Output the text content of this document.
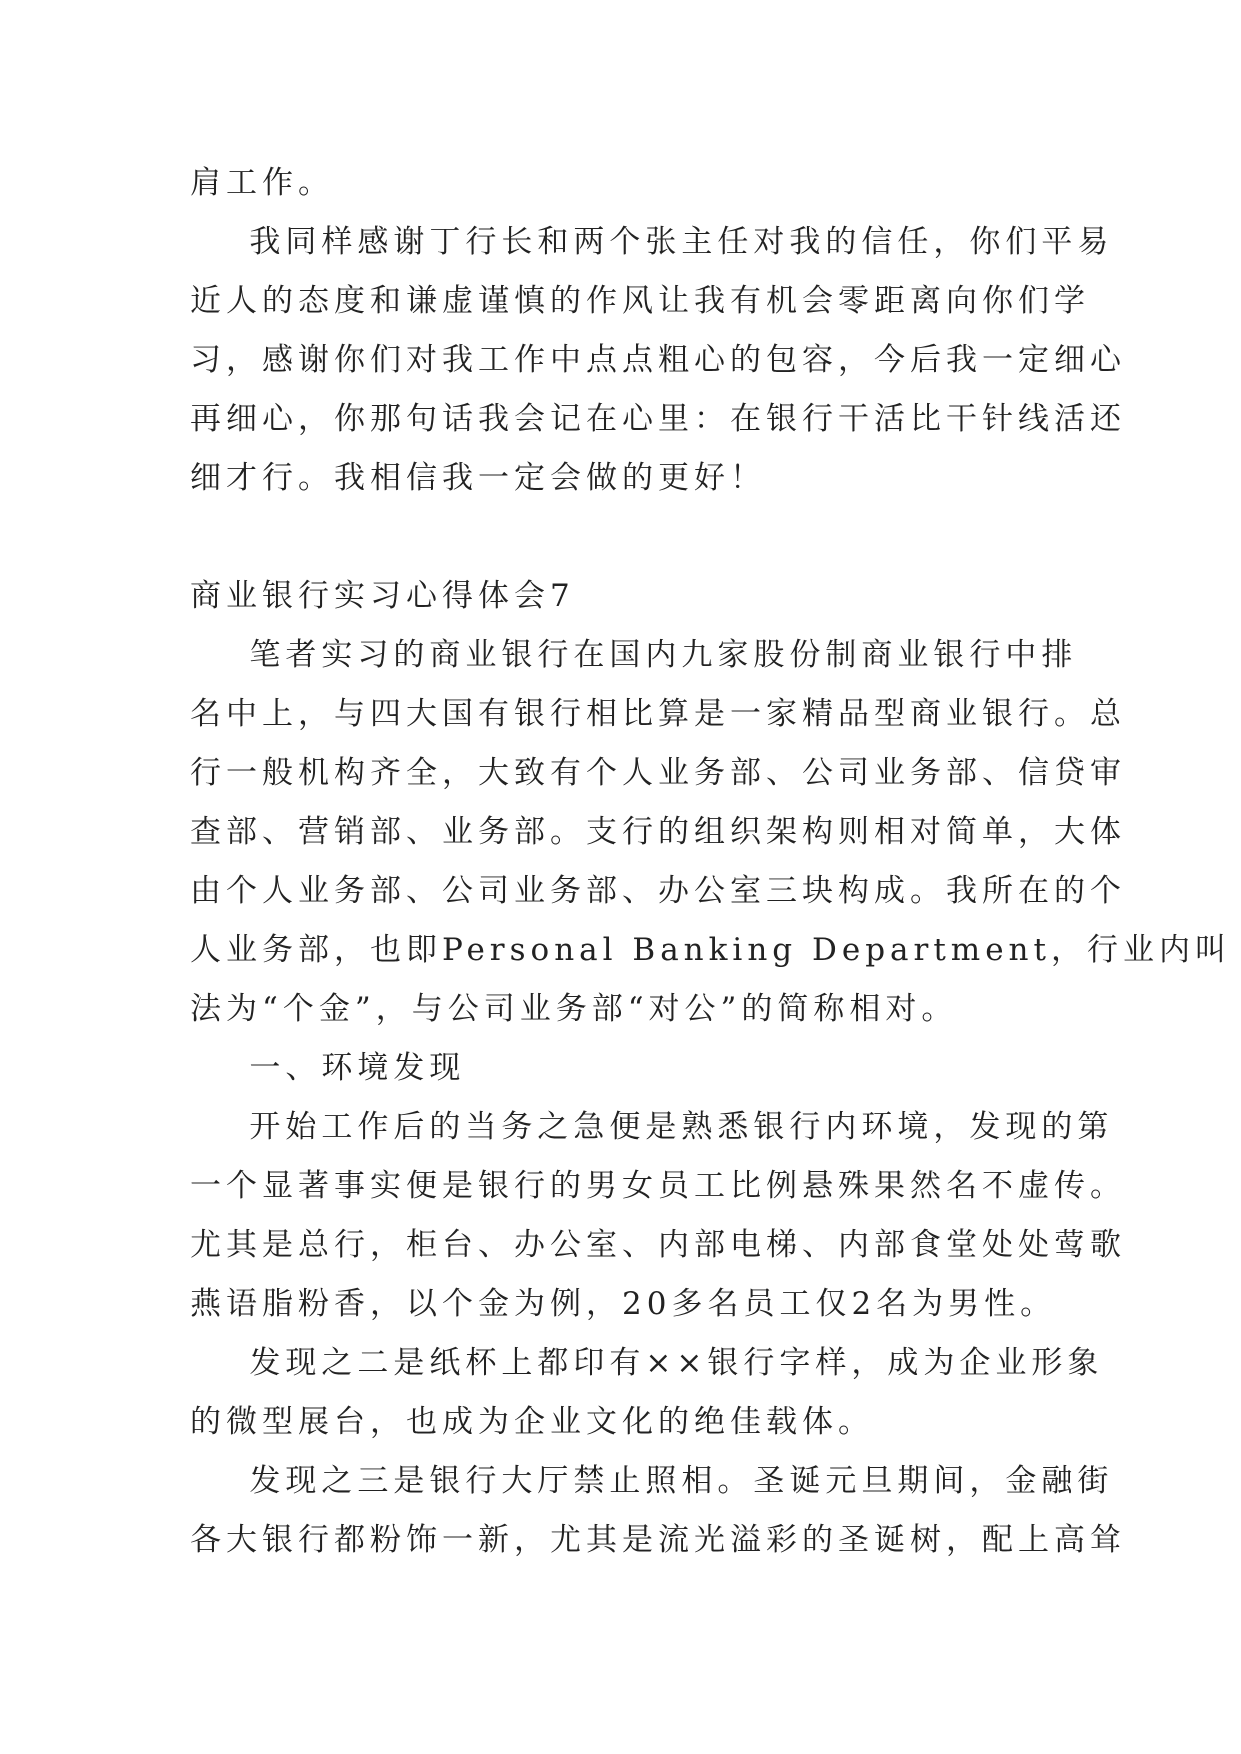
肩工作。
我同样感谢丁行长和两个张主任对我的信任，你们平易
近人的态度和谦虚谨慎的作风让我有机会零距离向你们学
习，感谢你们对我工作中点点粗心的包容，今后我一定细心
再细心，你那句话我会记在心里：在银行干活比干针线活还
细才行。我相信我一定会做的更好！
商业银行实习心得体会7
笔者实习的商业银行在国内九家股份制商业银行中排
名中上，与四大国有银行相比算是一家精品型商业银行。总
行一般机构齐全，大致有个人业务部、公司业务部、信贷审
查部、营销部、业务部。支行的组织架构则相对简单，大体
由个人业务部、公司业务部、办公室三块构成。我所在的个
人业务部，也即Personal Banking Department，行业内叫
法为“个金”，与公司业务部“对公”的简称相对。
一、环境发现
开始工作后的当务之急便是熟悉银行内环境，发现的第
一个显著事实便是银行的男女员工比例悬殊果然名不虚传。
尤其是总行，柜台、办公室、内部电梯、内部食堂处处莺歌
燕语脂粉香，以个金为例，20多名员工仅2名为男性。
发现之二是纸杯上都印有××银行字样，成为企业形象
的微型展台，也成为企业文化的绝佳载体。
发现之三是银行大厅禁止照相。圣诞元旦期间，金融街
各大银行都粉饰一新，尤其是流光溢彩的圣诞树，配上高耸
